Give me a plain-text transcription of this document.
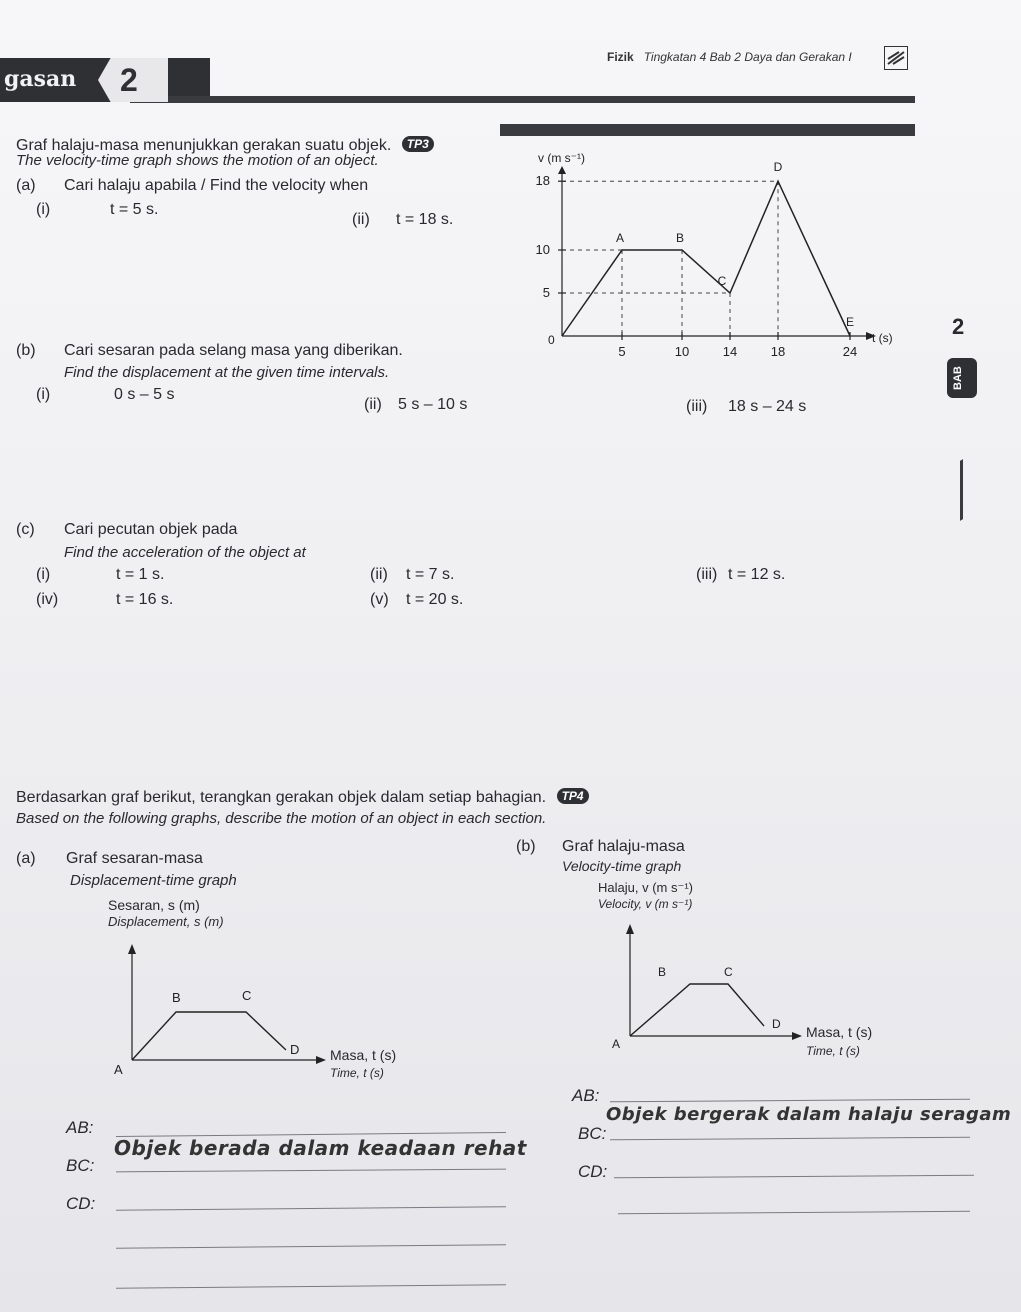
Fizik Tingkatan 4 Bab 2 Daya dan Gerakan I
gasan 2
Graf halaju-masa menunjukkan gerakan suatu objek. TP3
The velocity-time graph shows the motion of an object.
(a) Cari halaju apabila / Find the velocity when
(i)	t = 5 s.
(ii) t = 18 s.
v (m s⁻¹)
t (s)
0
5
10
18
5	10	14	18	24
A	B
C
D
E
(b) Cari sesaran pada selang masa yang diberikan.
Find the displacement at the given time intervals.
(i)	0 s – 5 s
(ii) 5 s – 10 s	(iii) 18 s – 24 s
2
BAB
(c) Cari pecutan objek pada
Find the acceleration of the object at
(i)	t = 1 s.	(ii) t = 7 s.	(iii) t = 12 s.
(iv)	t = 16 s.	(v) t = 20 s.
Berdasarkan graf berikut, terangkan gerakan objek dalam setiap bahagian. TP4
Based on the following graphs, describe the motion of an object in each section.
(a) Graf sesaran-masa
Displacement-time graph
Sesaran, s (m)
Displacement, s (m)
A
B	C
D Masa, t (s)
Time, t (s)
(b) Graf halaju-masa
Velocity-time graph
Halaju, v (m s⁻¹)
Velocity, v (m s⁻¹)
A
B	C
D Masa, t (s)
Time, t (s)
AB:
BC:
Objek berada dalam keadaan rehat
CD:
AB:
BC:
Objek bergerak dalam halaju seragam
CD:
